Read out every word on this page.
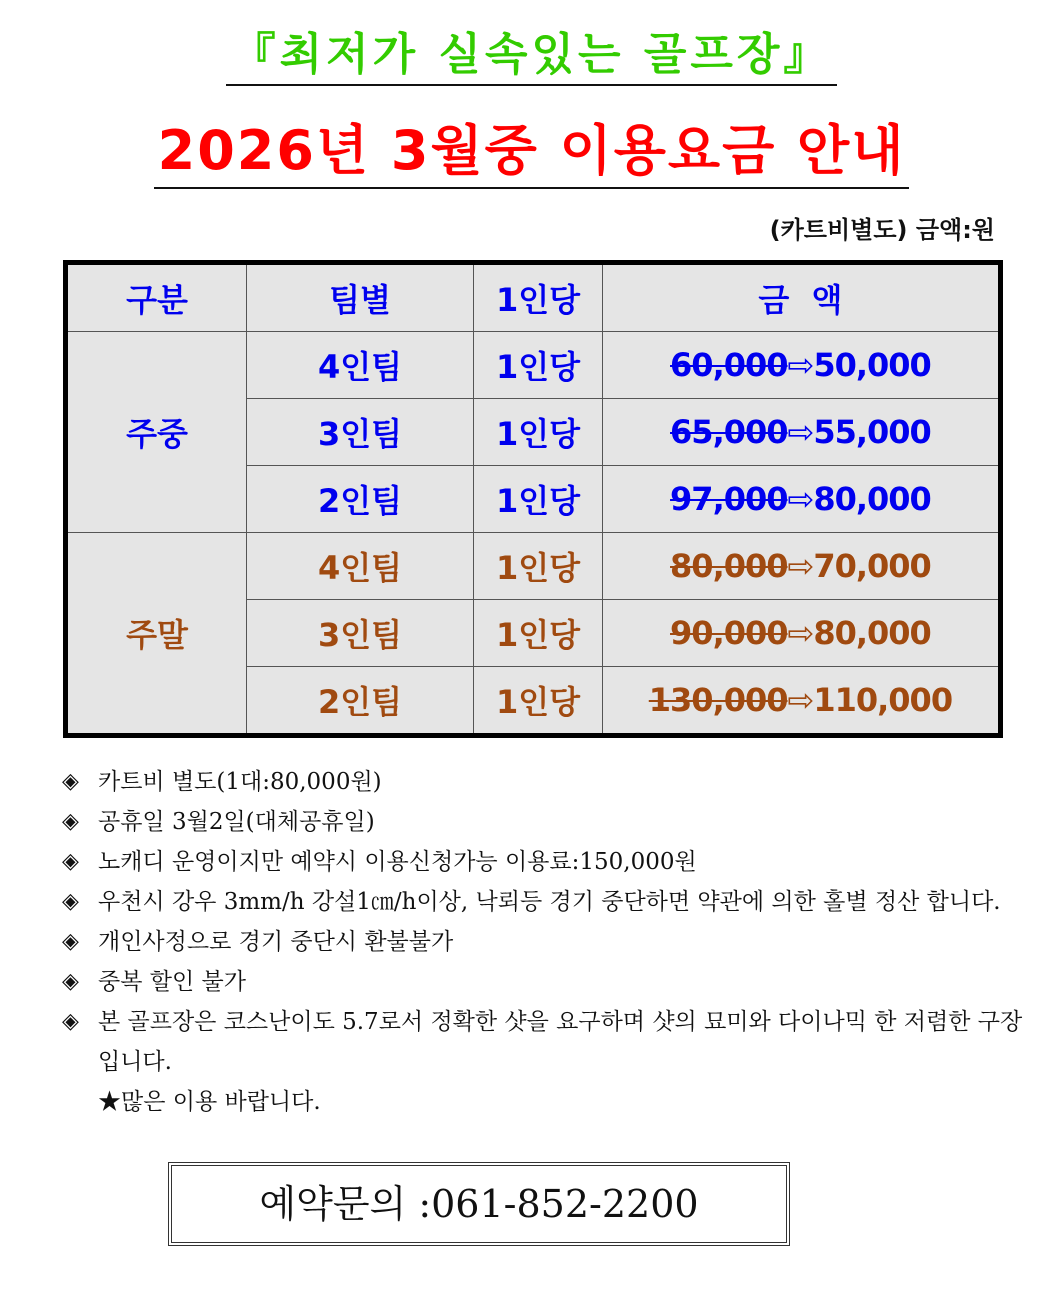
『최저가 실속있는 골프장』
2026년 3월중 이용요금 안내
(카트비별도) 금액:원
구분	팀별	1인당	금  액
주중	4인팀	1인당	60,000⇨50,000
	3인팀	1인당	65,000⇨55,000
	2인팀	1인당	97,000⇨80,000
주말	4인팀	1인당	80,000⇨70,000
	3인팀	1인당	90,000⇨80,000
	2인팀	1인당	130,000⇨110,000
◈ 카트비 별도(1대:80,000원)
◈ 공휴일 3월2일(대체공휴일)
◈ 노캐디 운영이지만 예약시 이용신청가능 이용료:150,000원
◈ 우천시 강우 3mm/h 강설1㎝/h이상, 낙뢰등 경기 중단하면 약관에 의한 홀별 정산 합니다.
◈ 개인사정으로 경기 중단시 환불불가
◈ 중복 할인 불가
◈ 본 골프장은 코스난이도 5.7로서 정확한 샷을 요구하며 샷의 묘미와 다이나믹 한 저렴한 구장입니다.
★많은 이용 바랍니다.
예약문의 :061-852-2200
